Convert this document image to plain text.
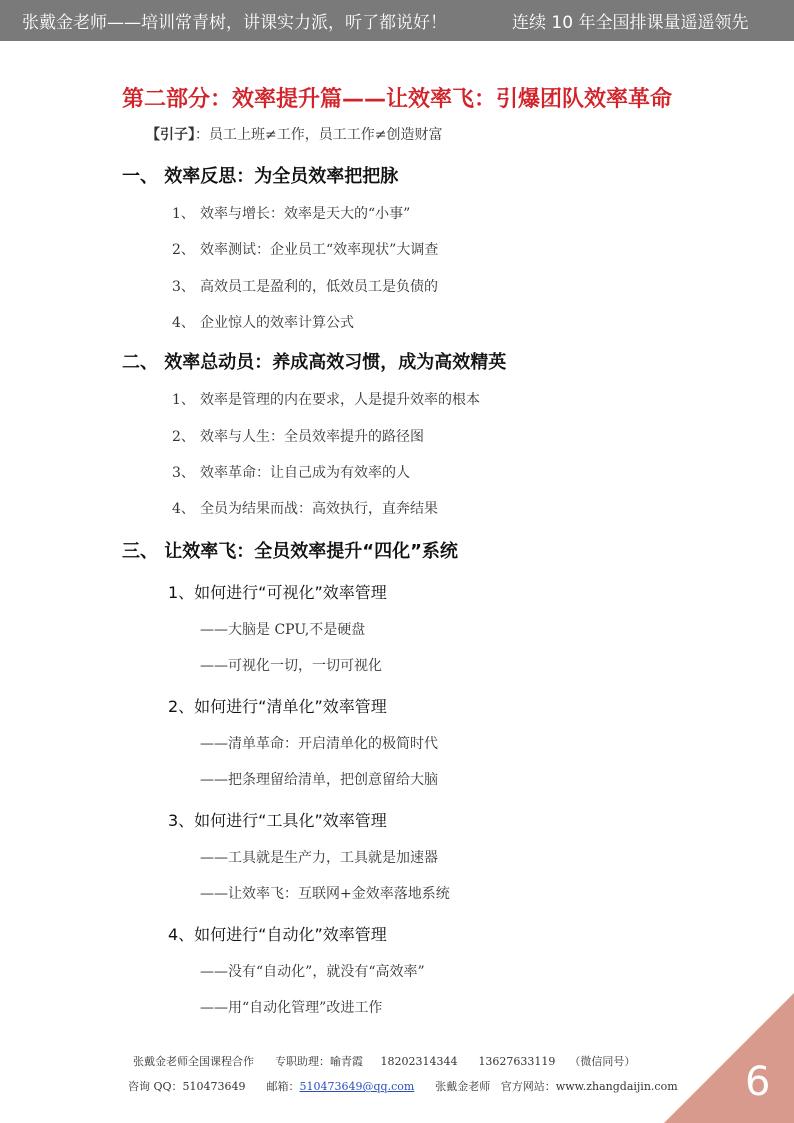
张戴金老师——培训常青树，讲课实力派，听了都说好！	连续 10 年全国排课量遥遥领先
第二部分：效率提升篇——让效率飞：引爆团队效率革命
【引子】：员工上班≠工作，员工工作≠创造财富
一、 效率反思：为全员效率把把脉
1、 效率与增长：效率是天大的“小事”
2、 效率测试：企业员工“效率现状”大调查
3、 高效员工是盈利的，低效员工是负债的
4、 企业惊人的效率计算公式
二、 效率总动员：养成高效习惯，成为高效精英
1、 效率是管理的内在要求，人是提升效率的根本
2、 效率与人生：全员效率提升的路径图
3、 效率革命：让自己成为有效率的人
4、 全员为结果而战：高效执行，直奔结果
三、 让效率飞：全员效率提升“四化”系统
1、如何进行“可视化”效率管理
——大脑是 CPU,不是硬盘
——可视化一切，一切可视化
2、如何进行“清单化”效率管理
——清单革命：开启清单化的极简时代
——把条理留给清单，把创意留给大脑
3、如何进行“工具化”效率管理
——工具就是生产力，工具就是加速器
——让效率飞：互联网+金效率落地系统
4、如何进行“自动化”效率管理
——没有“自动化”，就没有“高效率”
——用“自动化管理”改进工作
张戴金老师全国课程合作 专职助理：喻青霞 18202314344 13627633119 （微信同号）
咨询 QQ：510473649 邮箱：510473649@qq.com 张戴金老师 官方网站：www.zhangdaijin.com 6
